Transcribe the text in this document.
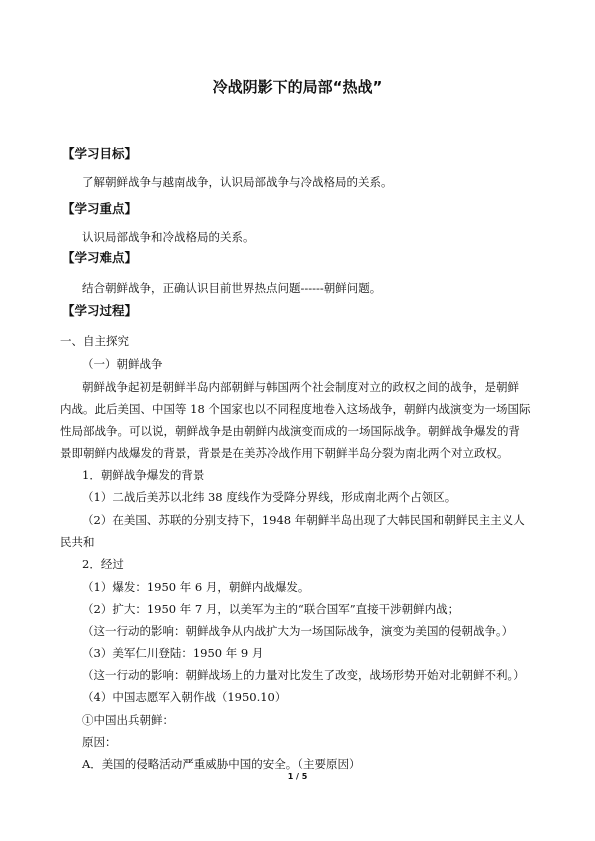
冷战阴影下的局部“热战”
【学习目标】
了解朝鲜战争与越南战争，认识局部战争与冷战格局的关系。
【学习重点】
认识局部战争和冷战格局的关系。
【学习难点】
结合朝鲜战争，正确认识目前世界热点问题------朝鲜问题。
【学习过程】
一、自主探究
（一）朝鲜战争
朝鲜战争起初是朝鲜半岛内部朝鲜与韩国两个社会制度对立的政权之间的战争，是朝鲜
内战。此后美国、中国等 18 个国家也以不同程度地卷入这场战争，朝鲜内战演变为一场国际
性局部战争。可以说，朝鲜战争是由朝鲜内战演变而成的一场国际战争。朝鲜战争爆发的背
景即朝鲜内战爆发的背景，背景是在美苏冷战作用下朝鲜半岛分裂为南北两个对立政权。
1．朝鲜战争爆发的背景
（1）二战后美苏以北纬 38 度线作为受降分界线，形成南北两个占领区。
（2）在美国、苏联的分别支持下，1948 年朝鲜半岛出现了大韩民国和朝鲜民主主义人
民共和
2．经过
（1）爆发：1950 年 6 月，朝鲜内战爆发。
（2）扩大：1950 年 7 月，以美军为主的“联合国军”直接干涉朝鲜内战；
（这一行动的影响：朝鲜战争从内战扩大为一场国际战争，演变为美国的侵朝战争。）
（3）美军仁川登陆：1950 年 9 月
（这一行动的影响：朝鲜战场上的力量对比发生了改变，战场形势开始对北朝鲜不利。）
（4）中国志愿军入朝作战（1950.10）
①中国出兵朝鲜：
原因：
A．美国的侵略活动严重威胁中国的安全。（主要原因）
1 / 5
